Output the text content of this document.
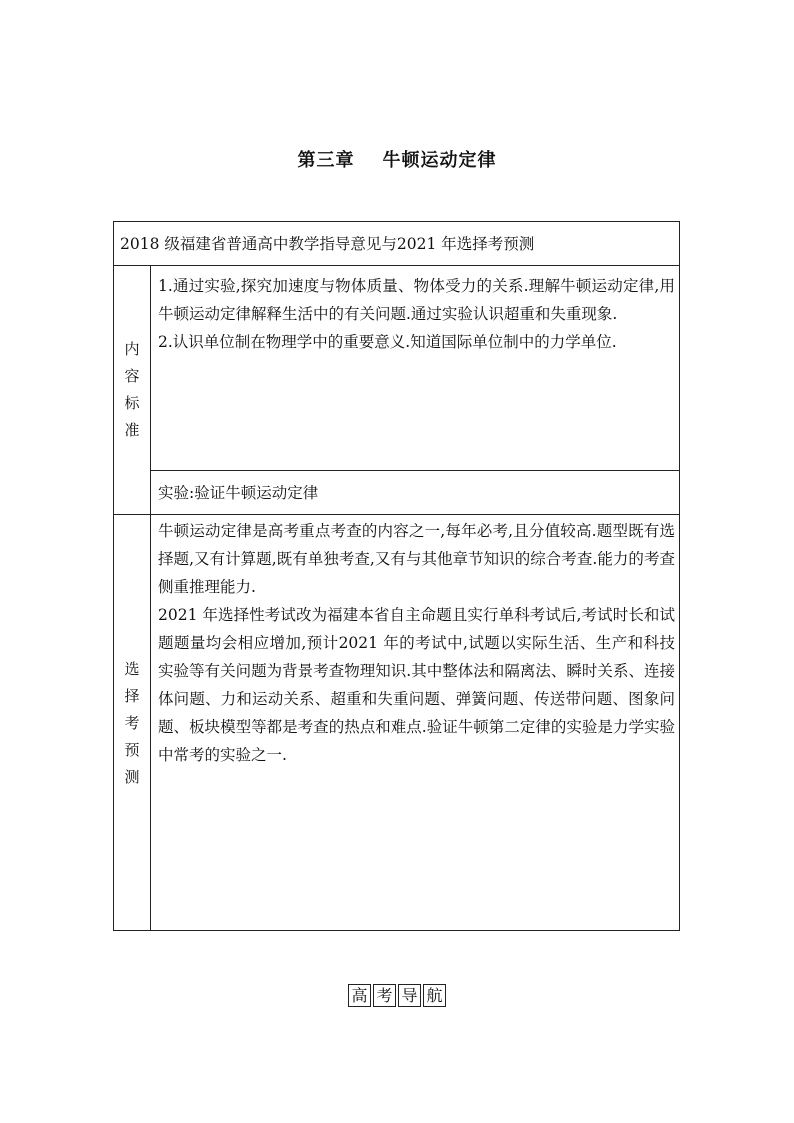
第三章 牛顿运动定律
2018 级福建省普通高中教学指导意见与2021 年选择考预测
内
容
标
准

1.通过实验,探究加速度与物体质量、物体受力的关系.理解牛顿运动定律,用牛顿运动定律解释生活中的有关问题.通过实验认识超重和失重现象.

2.认识单位制在物理学中的重要意义.知道国际单位制中的力学单位.

实验:验证牛顿运动定律
选
择
考
预
测

牛顿运动定律是高考重点考查的内容之一,每年必考,且分值较高.题型既有选择题,又有计算题,既有单独考查,又有与其他章节知识的综合考查.能力的考查侧重推理能力.

2021 年选择性考试改为福建本省自主命题且实行单科考试后,考试时长和试题题量均会相应增加,预计2021 年的考试中,试题以实际生活、生产和科技实验等有关问题为背景考查物理知识.其中整体法和隔离法、瞬时关系、连接体问题、力和运动关系、超重和失重问题、弹簧问题、传送带问题、图象问题、板块模型等都是考查的热点和难点.验证牛顿第二定律的实验是力学实验中常考的实验之一.

高 考 导 航
